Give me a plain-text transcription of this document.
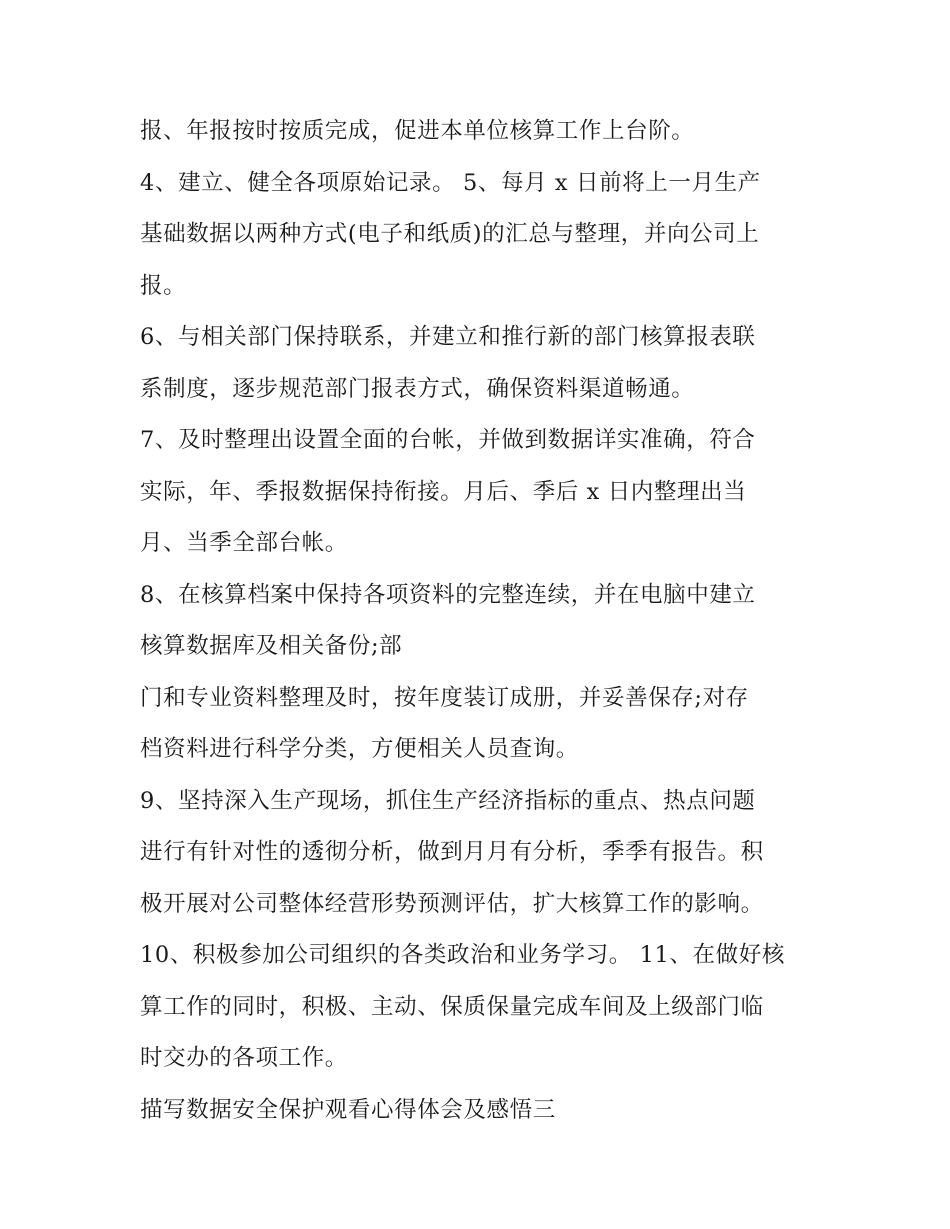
报、年报按时按质完成，促进本单位核算工作上台阶。
4、建立、健全各项原始记录。 5、每月 x 日前将上一月生产
基础数据以两种方式(电子和纸质)的汇总与整理，并向公司上
报。
6、与相关部门保持联系，并建立和推行新的部门核算报表联
系制度，逐步规范部门报表方式，确保资料渠道畅通。
7、及时整理出设置全面的台帐，并做到数据详实准确，符合
实际，年、季报数据保持衔接。月后、季后 x 日内整理出当
月、当季全部台帐。
8、在核算档案中保持各项资料的完整连续，并在电脑中建立
核算数据库及相关备份;部
门和专业资料整理及时，按年度装订成册，并妥善保存;对存
档资料进行科学分类，方便相关人员查询。
9、坚持深入生产现场，抓住生产经济指标的重点、热点问题
进行有针对性的透彻分析，做到月月有分析，季季有报告。积
极开展对公司整体经营形势预测评估，扩大核算工作的影响。
10、积极参加公司组织的各类政治和业务学习。 11、在做好核
算工作的同时，积极、主动、保质保量完成车间及上级部门临
时交办的各项工作。
描写数据安全保护观看心得体会及感悟三
